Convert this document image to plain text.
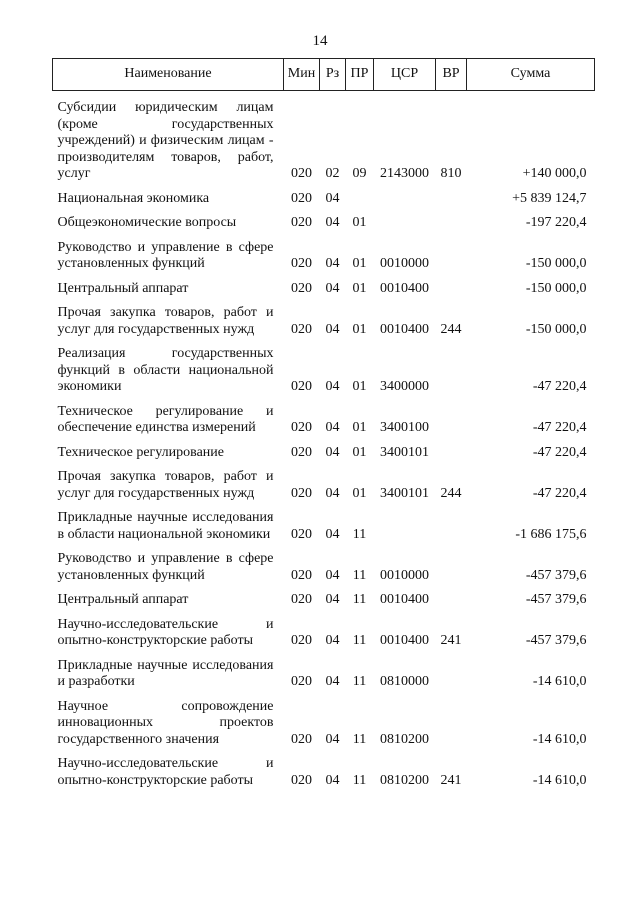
14
Наименование	Мин	Рз	ПР	ЦСР	ВР	Сумма
Субсидии юридическим лицам (кроме государственных учреждений) и физическим лицам - производителям товаров, работ, услуг	020	02	09	2143000	810	+140 000,0
Национальная экономика	020	04				+5 839 124,7
Общеэкономические вопросы	020	04	01			-197 220,4
Руководство и управление в сфере установленных функций	020	04	01	0010000		-150 000,0
Центральный аппарат	020	04	01	0010400		-150 000,0
Прочая закупка товаров, работ и услуг для государственных нужд	020	04	01	0010400	244	-150 000,0
Реализация государственных функций в области национальной экономики	020	04	01	3400000		-47 220,4
Техническое регулирование и обеспечение единства измерений	020	04	01	3400100		-47 220,4
Техническое регулирование	020	04	01	3400101		-47 220,4
Прочая закупка товаров, работ и услуг для государственных нужд	020	04	01	3400101	244	-47 220,4
Прикладные научные исследования в области национальной экономики	020	04	11			-1 686 175,6
Руководство и управление в сфере установленных функций	020	04	11	0010000		-457 379,6
Центральный аппарат	020	04	11	0010400		-457 379,6
Научно-исследовательские и опытно-конструкторские работы	020	04	11	0010400	241	-457 379,6
Прикладные научные исследования и разработки	020	04	11	0810000		-14 610,0
Научное сопровождение инновационных проектов государственного значения	020	04	11	0810200		-14 610,0
Научно-исследовательские и опытно-конструкторские работы	020	04	11	0810200	241	-14 610,0
